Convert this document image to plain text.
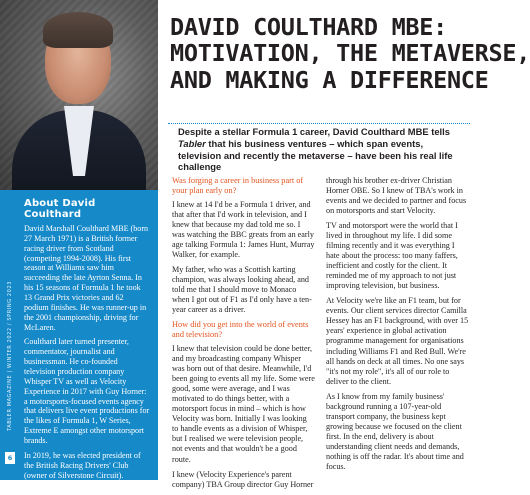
About David Coulthard

David Marshall Coulthard MBE (born 27 March 1971) is a British former racing driver from Scotland (competing 1994-2008). His first season at Williams saw him succeeding the late Ayrton Senna. In his 15 seasons of Formula 1 he took 13 Grand Prix victories and 62 podium finishes. He was runner-up in the 2001 championship, driving for McLaren.

Coulthard later turned presenter, commentator, journalist and businessman. He co-founded television production company Whisper TV as well as Velocity Experience in 2017 with Guy Horner: a motorsports-focused events agency that delivers live event productions for the likes of Formula 1, W Series, Extreme E amongst other motorsport brands.

In 2019, he was elected president of the British Racing Drivers' Club (owner of Silverstone Circuit).

TABLER MAGAZINE | WINTER 2022 / SPRING 2023
6
DAVID COULTHARD MBE:
MOTIVATION, THE METAVERSE,
AND MAKING A DIFFERENCE
Despite a stellar Formula 1 career, David Coulthard MBE tells Tabler that his business ventures – which span events, television and recently the metaverse – have been his real life challenge
Was forging a career in business part of your plan early on?

I knew at 14 I'd be a Formula 1 driver, and that after that I'd work in television, and I knew that because my dad told me so. I was watching the BBC greats from an early age talking Formula 1: James Hunt, Murray Walker, for example.

My father, who was a Scottish karting champion, was always looking ahead, and told me that I should move to Monaco when I got out of F1 as I'd only have a ten-year career as a driver.

How did you get into the world of events and television?

I knew that television could be done better, and my broadcasting company Whisper was born out of that desire. Meanwhile, I'd been going to events all my life. Some were good, some were average, and I was motivated to do things better, with a motorsport focus in mind – which is how Velocity was born. Initially I was looking to handle events as a division of Whisper, but I realised we were television people, not events and that wouldn't be a good route.

I knew (Velocity Experience's parent company) TBA Group director Guy Horner

through his brother ex-driver Christian Horner OBE. So I knew of TBA's work in events and we decided to partner and focus on motorsports and start Velocity.

TV and motorsport were the world that I lived in throughout my life. I did some filming recently and it was everything I hate about the process: too many faffers, inefficient and costly for the client. It reminded me of my approach to not just improving television, but business.

At Velocity we're like an F1 team, but for events. Our client services director Camilla Hessey has an F1 background, with over 15 years' experience in global activation programme management for organisations including Williams F1 and Red Bull. We're all hands on deck at all times. No one says "it's not my role", it's all of our role to deliver to the client.

As I know from my family business' background running a 107-year-old transport company, the business kept growing because we focused on the client first. In the end, delivery is about understanding client needs and demands, nothing is off the radar. It's about time and focus.
